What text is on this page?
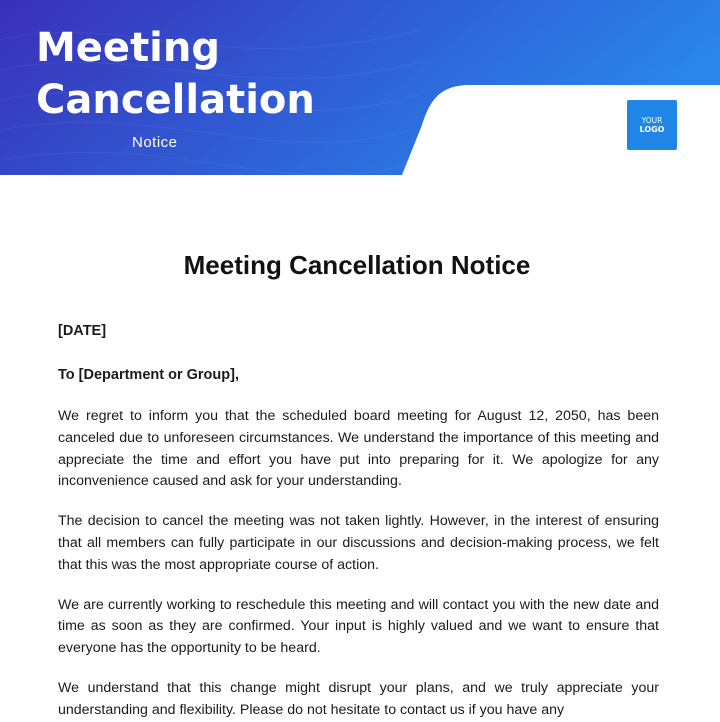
Meeting
Cancellation
Notice
YOUR
LOGO
Meeting Cancellation Notice

[DATE]

To [Department or Group],

We regret to inform you that the scheduled board meeting for August 12, 2050, has been canceled due to unforeseen circumstances. We understand the importance of this meeting and appreciate the time and effort you have put into preparing for it. We apologize for any inconvenience caused and ask for your understanding.

The decision to cancel the meeting was not taken lightly. However, in the interest of ensuring that all members can fully participate in our discussions and decision-making process, we felt that this was the most appropriate course of action.

We are currently working to reschedule this meeting and will contact you with the new date and time as soon as they are confirmed. Your input is highly valued and we want to ensure that everyone has the opportunity to be heard.

We understand that this change might disrupt your plans, and we truly appreciate your understanding and flexibility. Please do not hesitate to contact us if you have any
